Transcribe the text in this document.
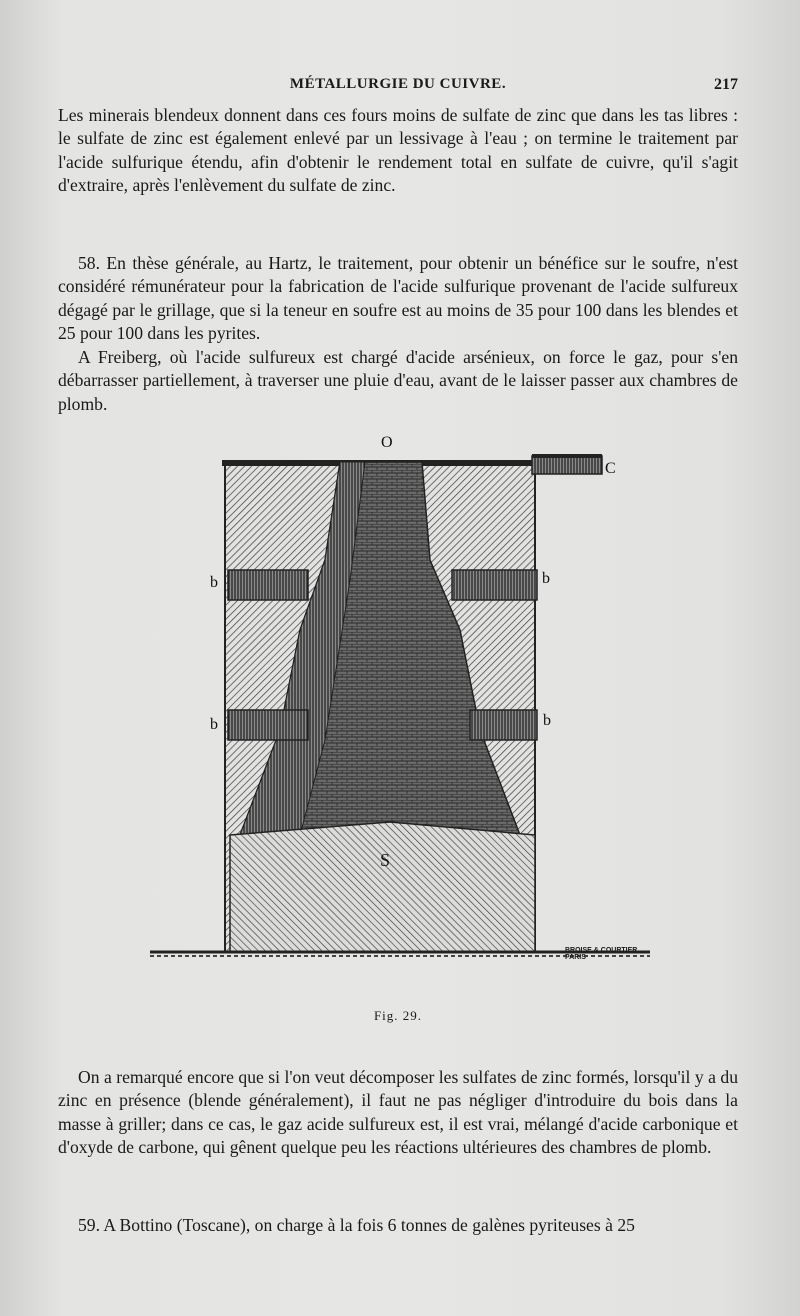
MÉTALLURGIE DU CUIVRE.	217

Les minerais blendeux donnent dans ces fours moins de sulfate de zinc que dans les tas libres : le sulfate de zinc est également enlevé par un lessivage à l'eau ; on termine le traitement par l'acide sulfurique étendu, afin d'obtenir le rendement total en sulfate de cuivre, qu'il s'agit d'extraire, après l'enlèvement du sulfate de zinc.

58. En thèse générale, au Hartz, le traitement, pour obtenir un bénéfice sur le soufre, n'est considéré rémunérateur pour la fabrication de l'acide sulfurique provenant de l'acide sulfureux dégagé par le grillage, que si la teneur en soufre est au moins de 35 pour 100 dans les blendes et 25 pour 100 dans les pyrites.

A Freiberg, où l'acide sulfureux est chargé d'acide arsénieux, on force le gaz, pour s'en débarrasser partiellement, à traverser une pluie d'eau, avant de le laisser passer aux chambres de plomb.

O
C
b	b
b	b
S
BROISE & COURTIER, PARIS
Fig. 29.

On a remarqué encore que si l'on veut décomposer les sulfates de zinc formés, lorsqu'il y a du zinc en présence (blende généralement), il faut ne pas négliger d'introduire du bois dans la masse à griller; dans ce cas, le gaz acide sulfureux est, il est vrai, mélangé d'acide carbonique et d'oxyde de carbone, qui gênent quelque peu les réactions ultérieures des chambres de plomb.

59. A Bottino (Toscane), on charge à la fois 6 tonnes de galènes pyriteuses à 25
